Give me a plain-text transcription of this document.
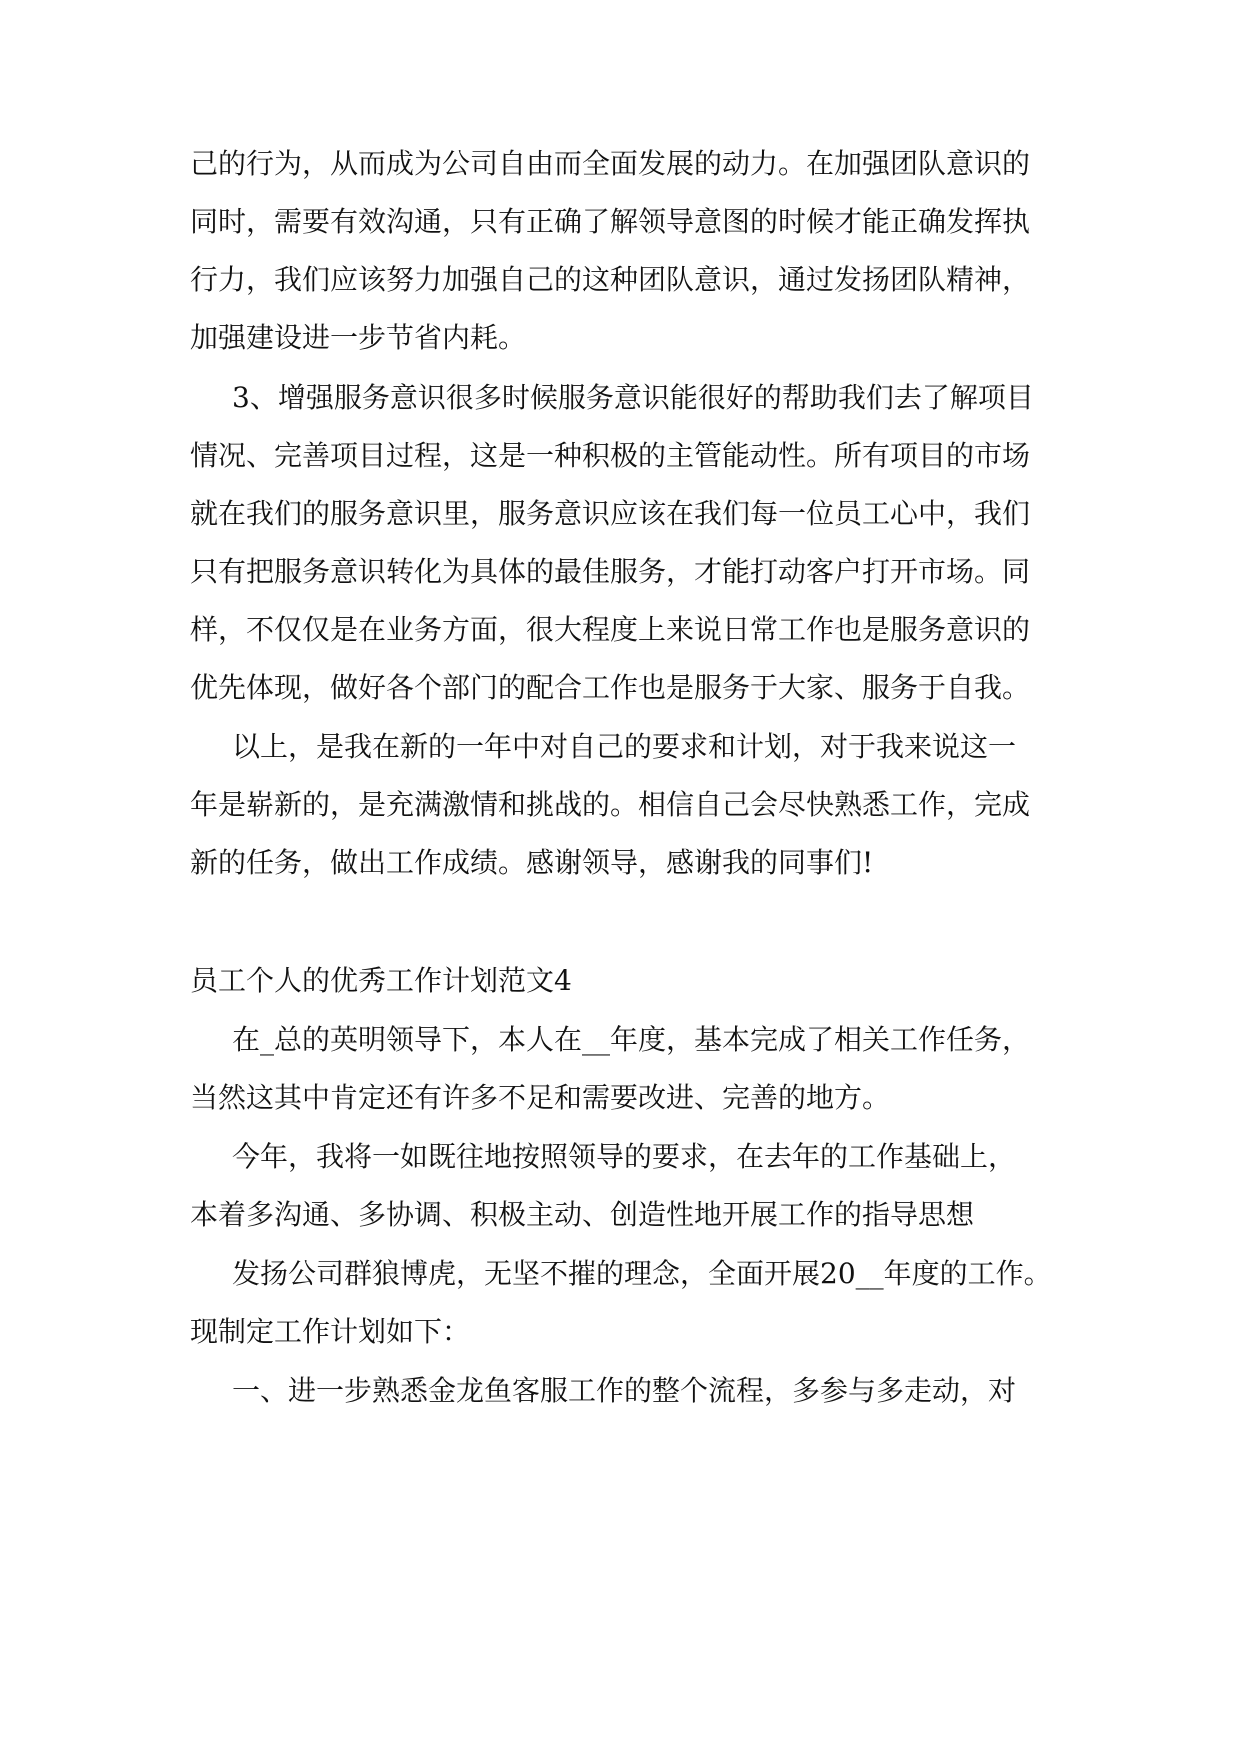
己的行为，从而成为公司自由而全面发展的动力。在加强团队意识的
同时，需要有效沟通，只有正确了解领导意图的时候才能正确发挥执
行力，我们应该努力加强自己的这种团队意识，通过发扬团队精神，
加强建设进一步节省内耗。
3、增强服务意识很多时候服务意识能很好的帮助我们去了解项目
情况、完善项目过程，这是一种积极的主管能动性。所有项目的市场
就在我们的服务意识里，服务意识应该在我们每一位员工心中，我们
只有把服务意识转化为具体的最佳服务，才能打动客户打开市场。同
样，不仅仅是在业务方面，很大程度上来说日常工作也是服务意识的
优先体现，做好各个部门的配合工作也是服务于大家、服务于自我。
以上，是我在新的一年中对自己的要求和计划，对于我来说这一
年是崭新的，是充满激情和挑战的。相信自己会尽快熟悉工作，完成
新的任务，做出工作成绩。感谢领导，感谢我的同事们!
员工个人的优秀工作计划范文4
在_总的英明领导下，本人在__年度，基本完成了相关工作任务，
当然这其中肯定还有许多不足和需要改进、完善的地方。
今年，我将一如既往地按照领导的要求，在去年的工作基础上，
本着多沟通、多协调、积极主动、创造性地开展工作的指导思想
发扬公司群狼博虎，无坚不摧的理念，全面开展20__年度的工作。
现制定工作计划如下：
一、进一步熟悉金龙鱼客服工作的整个流程，多参与多走动，对
